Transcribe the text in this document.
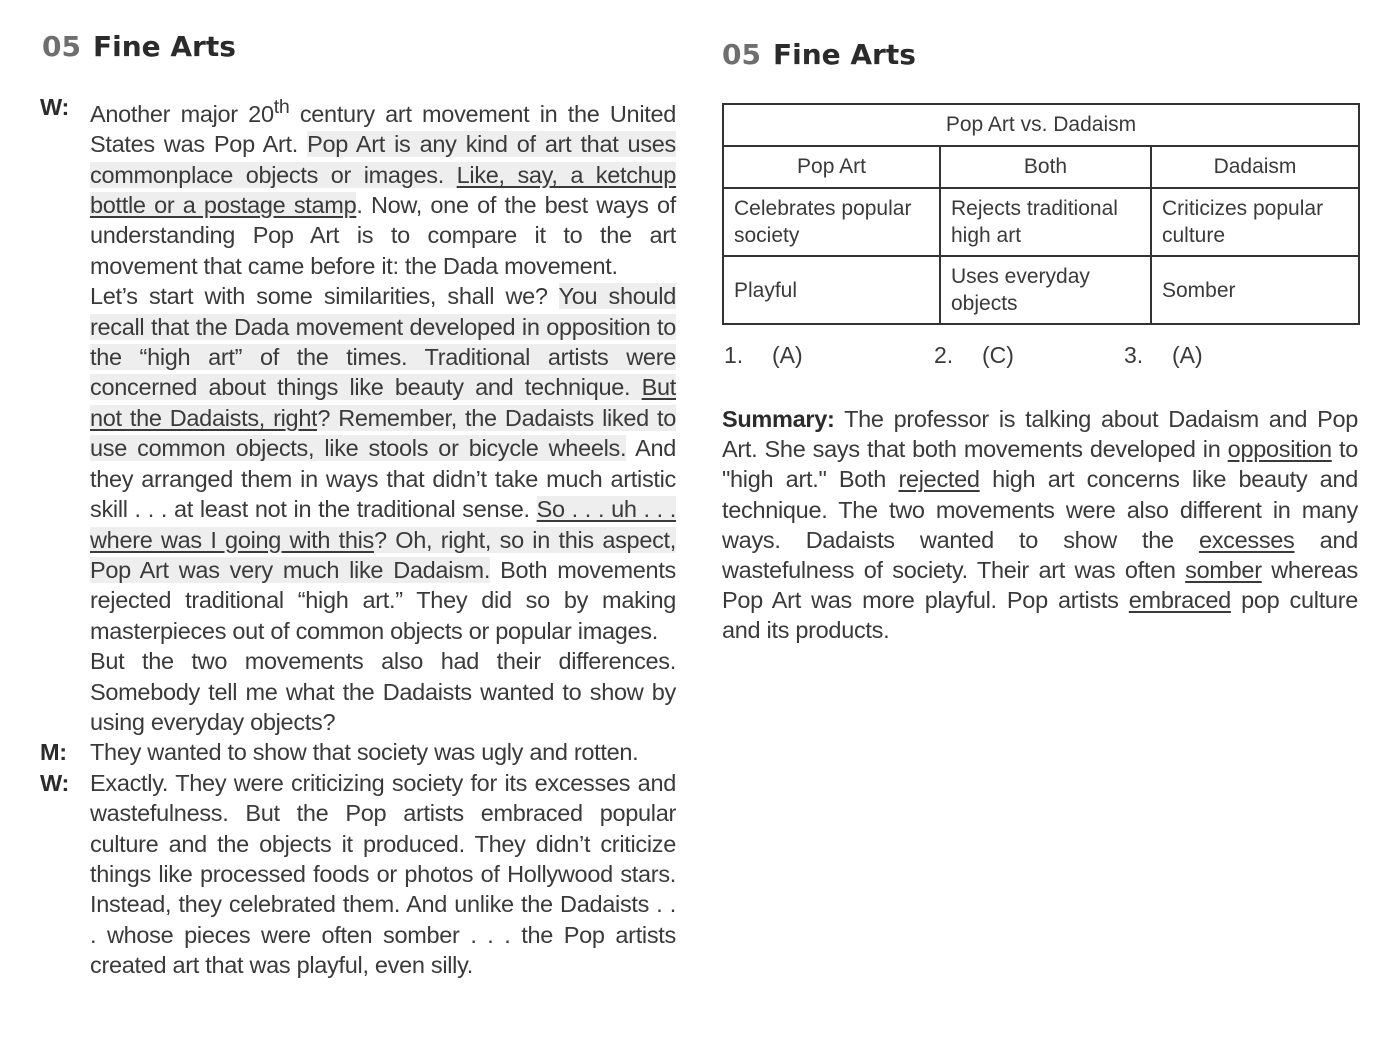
05 Fine Arts
W: Another major 20th century art movement in the United States was Pop Art. Pop Art is any kind of art that uses commonplace objects or images. Like, say, a ketchup bottle or a postage stamp. Now, one of the best ways of understanding Pop Art is to compare it to the art movement that came before it: the Dada movement.

Let’s start with some similarities, shall we? You should recall that the Dada movement developed in opposition to the “high art” of the times. Traditional artists were concerned about things like beauty and technique. But not the Dadaists, right? Remember, the Dadaists liked to use common objects, like stools or bicycle wheels. And they arranged them in ways that didn’t take much artistic skill . . . at least not in the traditional sense. So . . . uh . . . where was I going with this? Oh, right, so in this aspect, Pop Art was very much like Dadaism. Both movements rejected traditional “high art.” They did so by making masterpieces out of common objects or popular images.

But the two movements also had their differences. Somebody tell me what the Dadaists wanted to show by using everyday objects?

M: They wanted to show that society was ugly and rotten.
W: Exactly. They were criticizing society for its excesses and wastefulness. But the Pop artists embraced popular culture and the objects it produced. They didn’t criticize things like processed foods or photos of Hollywood stars. Instead, they celebrated them. And unlike the Dadaists . . . whose pieces were often somber . . . the Pop artists created art that was playful, even silly.
05 Fine Arts
Pop Art vs. Dadaism		
Pop Art	Both	Dadaism
Celebrates popular society	Rejects traditional high art	Criticizes popular culture
Playful	Uses everyday objects	Somber
1. (A)	2. (C)	3. (A)

Summary: The professor is talking about Dadaism and Pop Art. She says that both movements developed in opposition to "high art." Both rejected high art concerns like beauty and technique. The two movements were also different in many ways. Dadaists wanted to show the excesses and wastefulness of society. Their art was often somber whereas Pop Art was more playful. Pop artists embraced pop culture and its products.
